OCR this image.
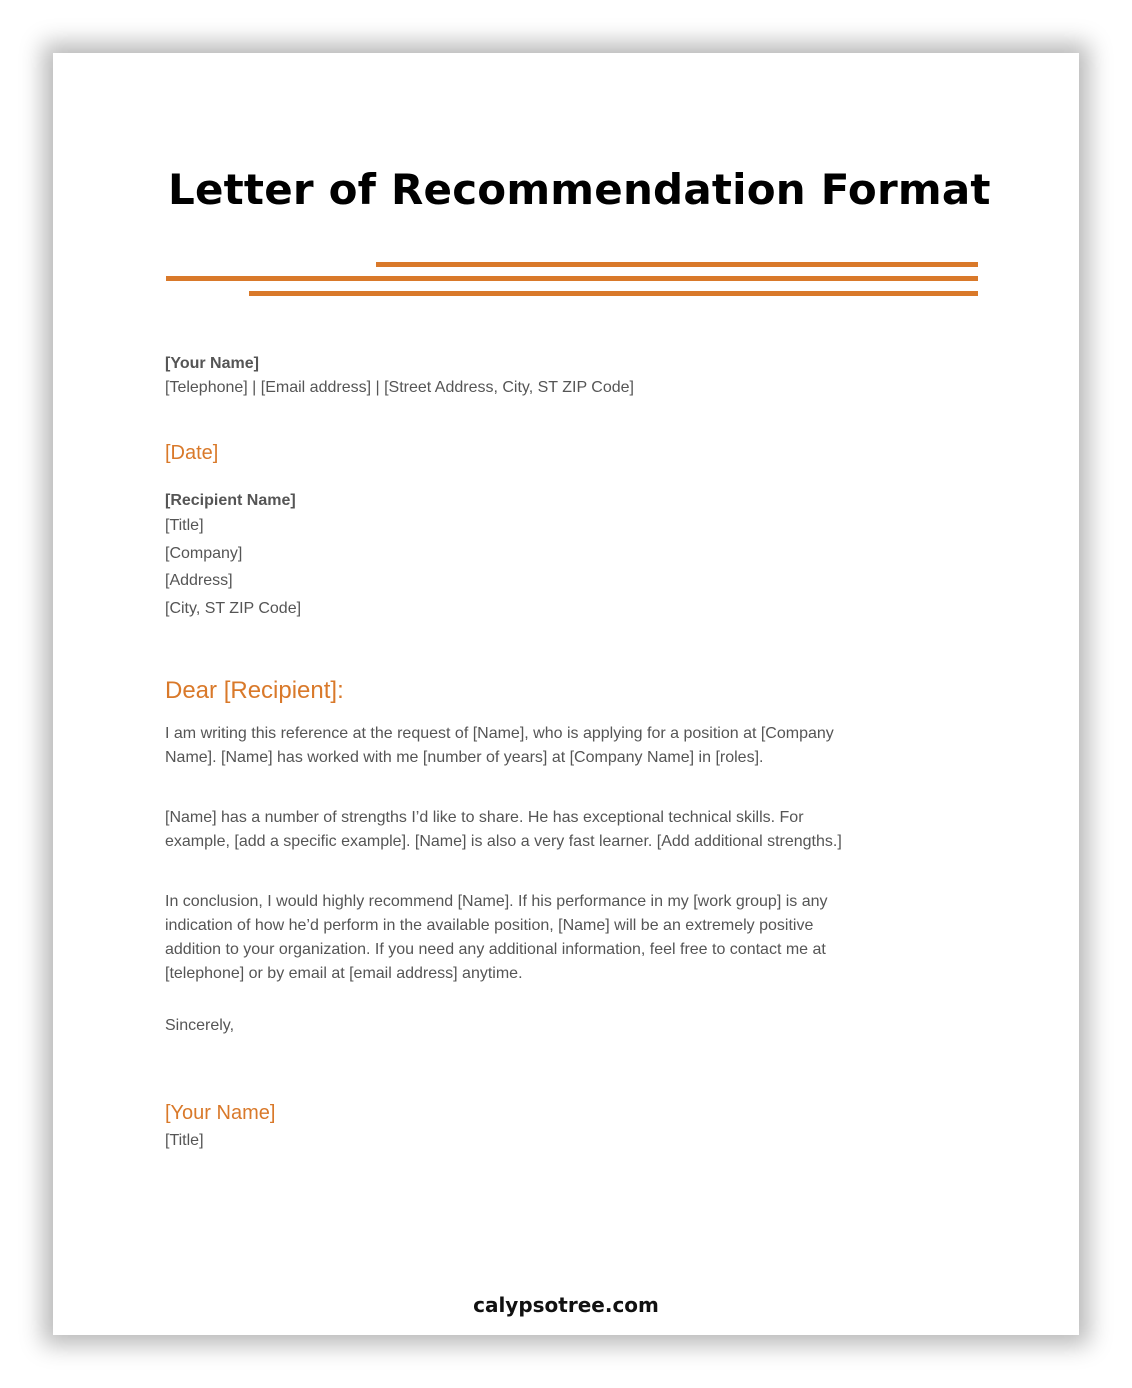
Letter of Recommendation Format

[Your Name]

[Telephone] | [Email address] | [Street Address, City, ST ZIP Code]

[Date]

[Recipient Name]

[Title]

[Company]

[Address]

[City, ST ZIP Code]

Dear [Recipient]:

I am writing this reference at the request of [Name], who is applying for a position at [Company Name]. [Name] has worked with me [number of years] at [Company Name] in [roles].

[Name] has a number of strengths I’d like to share. He has exceptional technical skills. For example, [add a specific example]. [Name] is also a very fast learner. [Add additional strengths.]

In conclusion, I would highly recommend [Name]. If his performance in my [work group] is any indication of how he’d perform in the available position, [Name] will be an extremely positive addition to your organization. If you need any additional information, feel free to contact me at [telephone] or by email at [email address] anytime.

Sincerely,

[Your Name]

[Title]

calypsotree.com
